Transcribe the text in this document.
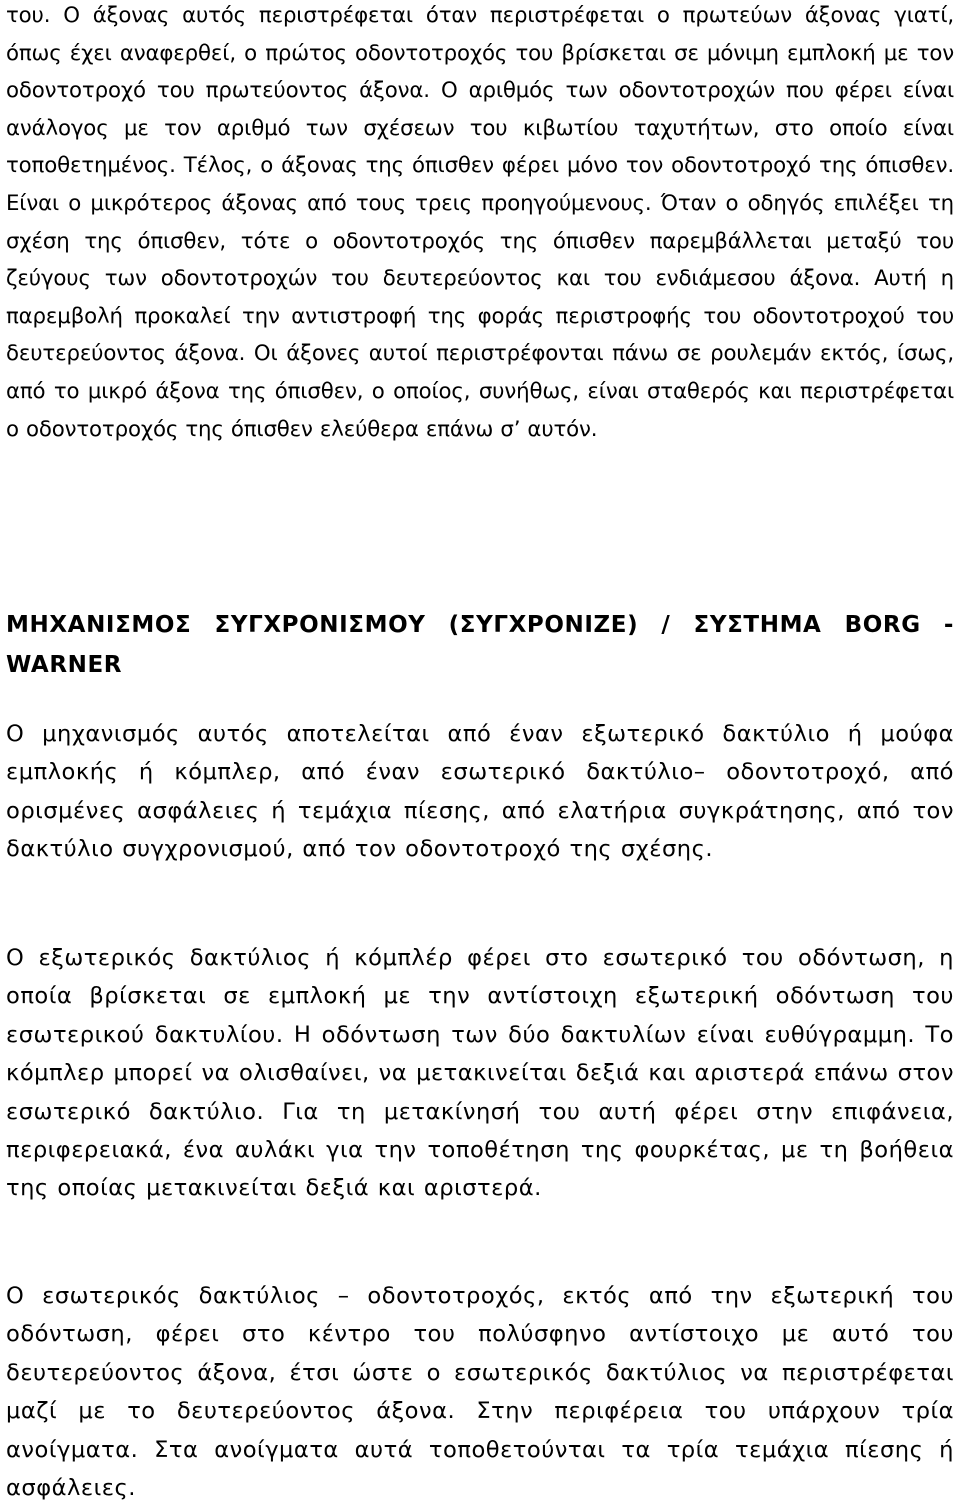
του. Ο άξονας αυτός περιστρέφεται όταν περιστρέφεται ο πρωτεύων άξονας γιατί, όπως έχει αναφερθεί, ο πρώτος οδοντοτροχός του βρίσκεται σε μόνιμη εμπλοκή με τον οδοντοτροχό του πρωτεύοντος άξονα. Ο αριθμός των οδοντοτροχών που φέρει είναι ανάλογος με τον αριθμό των σχέσεων του κιβωτίου ταχυτήτων, στο οποίο είναι τοποθετημένος. Τέλος, ο άξονας της όπισθεν φέρει μόνο τον οδοντοτροχό της όπισθεν. Είναι ο μικρότερος άξονας από τους τρεις προηγούμενους. Όταν ο οδηγός επιλέξει τη σχέση της όπισθεν, τότε ο οδοντοτροχός της όπισθεν παρεμβάλλεται μεταξύ του ζεύγους των οδοντοτροχών του δευτερεύοντος και του ενδιάμεσου άξονα. Αυτή η παρεμβολή προκαλεί την αντιστροφή της φοράς περιστροφής του οδοντοτροχού του δευτερεύοντος άξονα. Οι άξονες αυτοί περιστρέφονται πάνω σε ρουλεμάν εκτός, ίσως, από το μικρό άξονα της όπισθεν, ο οποίος, συνήθως, είναι σταθερός και περιστρέφεται ο οδοντοτροχός της όπισθεν ελεύθερα επάνω σ’ αυτόν.

ΜΗΧΑΝΙΣΜΟΣ ΣΥΓΧΡΟΝΙΣΜΟΥ (ΣΥΓΧΡΟΝΙΖΕ) / ΣΥΣΤΗΜΑ BORG - WARNER

Ο μηχανισμός αυτός αποτελείται από έναν εξωτερικό δακτύλιο ή μούφα εμπλοκής ή κόμπλερ, από έναν εσωτερικό δακτύλιο– οδοντοτροχό, από ορισμένες ασφάλειες ή τεμάχια πίεσης, από ελατήρια συγκράτησης, από τον δακτύλιο συγχρονισμού, από τον οδοντοτροχό της σχέσης.

Ο εξωτερικός δακτύλιος ή κόμπλέρ φέρει στο εσωτερικό του οδόντωση, η οποία βρίσκεται σε εμπλοκή με την αντίστοιχη εξωτερική οδόντωση του εσωτερικού δακτυλίου. Η οδόντωση των δύο δακτυλίων είναι ευθύγραμμη. Το κόμπλερ μπορεί να ολισθαίνει, να μετακινείται δεξιά και αριστερά επάνω στον εσωτερικό δακτύλιο. Για τη μετακίνησή του αυτή φέρει στην επιφάνεια, περιφερειακά, ένα αυλάκι για την τοποθέτηση της φουρκέτας, με τη βοήθεια της οποίας μετακινείται δεξιά και αριστερά.

Ο εσωτερικός δακτύλιος – οδοντοτροχός, εκτός από την εξωτερική του οδόντωση, φέρει στο κέντρο του πολύσφηνο αντίστοιχο με αυτό του δευτερεύοντος άξονα, έτσι ώστε ο εσωτερικός δακτύλιος να περιστρέφεται μαζί με το δευτερεύοντος άξονα. Στην περιφέρεια του υπάρχουν τρία ανοίγματα. Στα ανοίγματα αυτά τοποθετούνται τα τρία τεμάχια πίεσης ή ασφάλειες.
